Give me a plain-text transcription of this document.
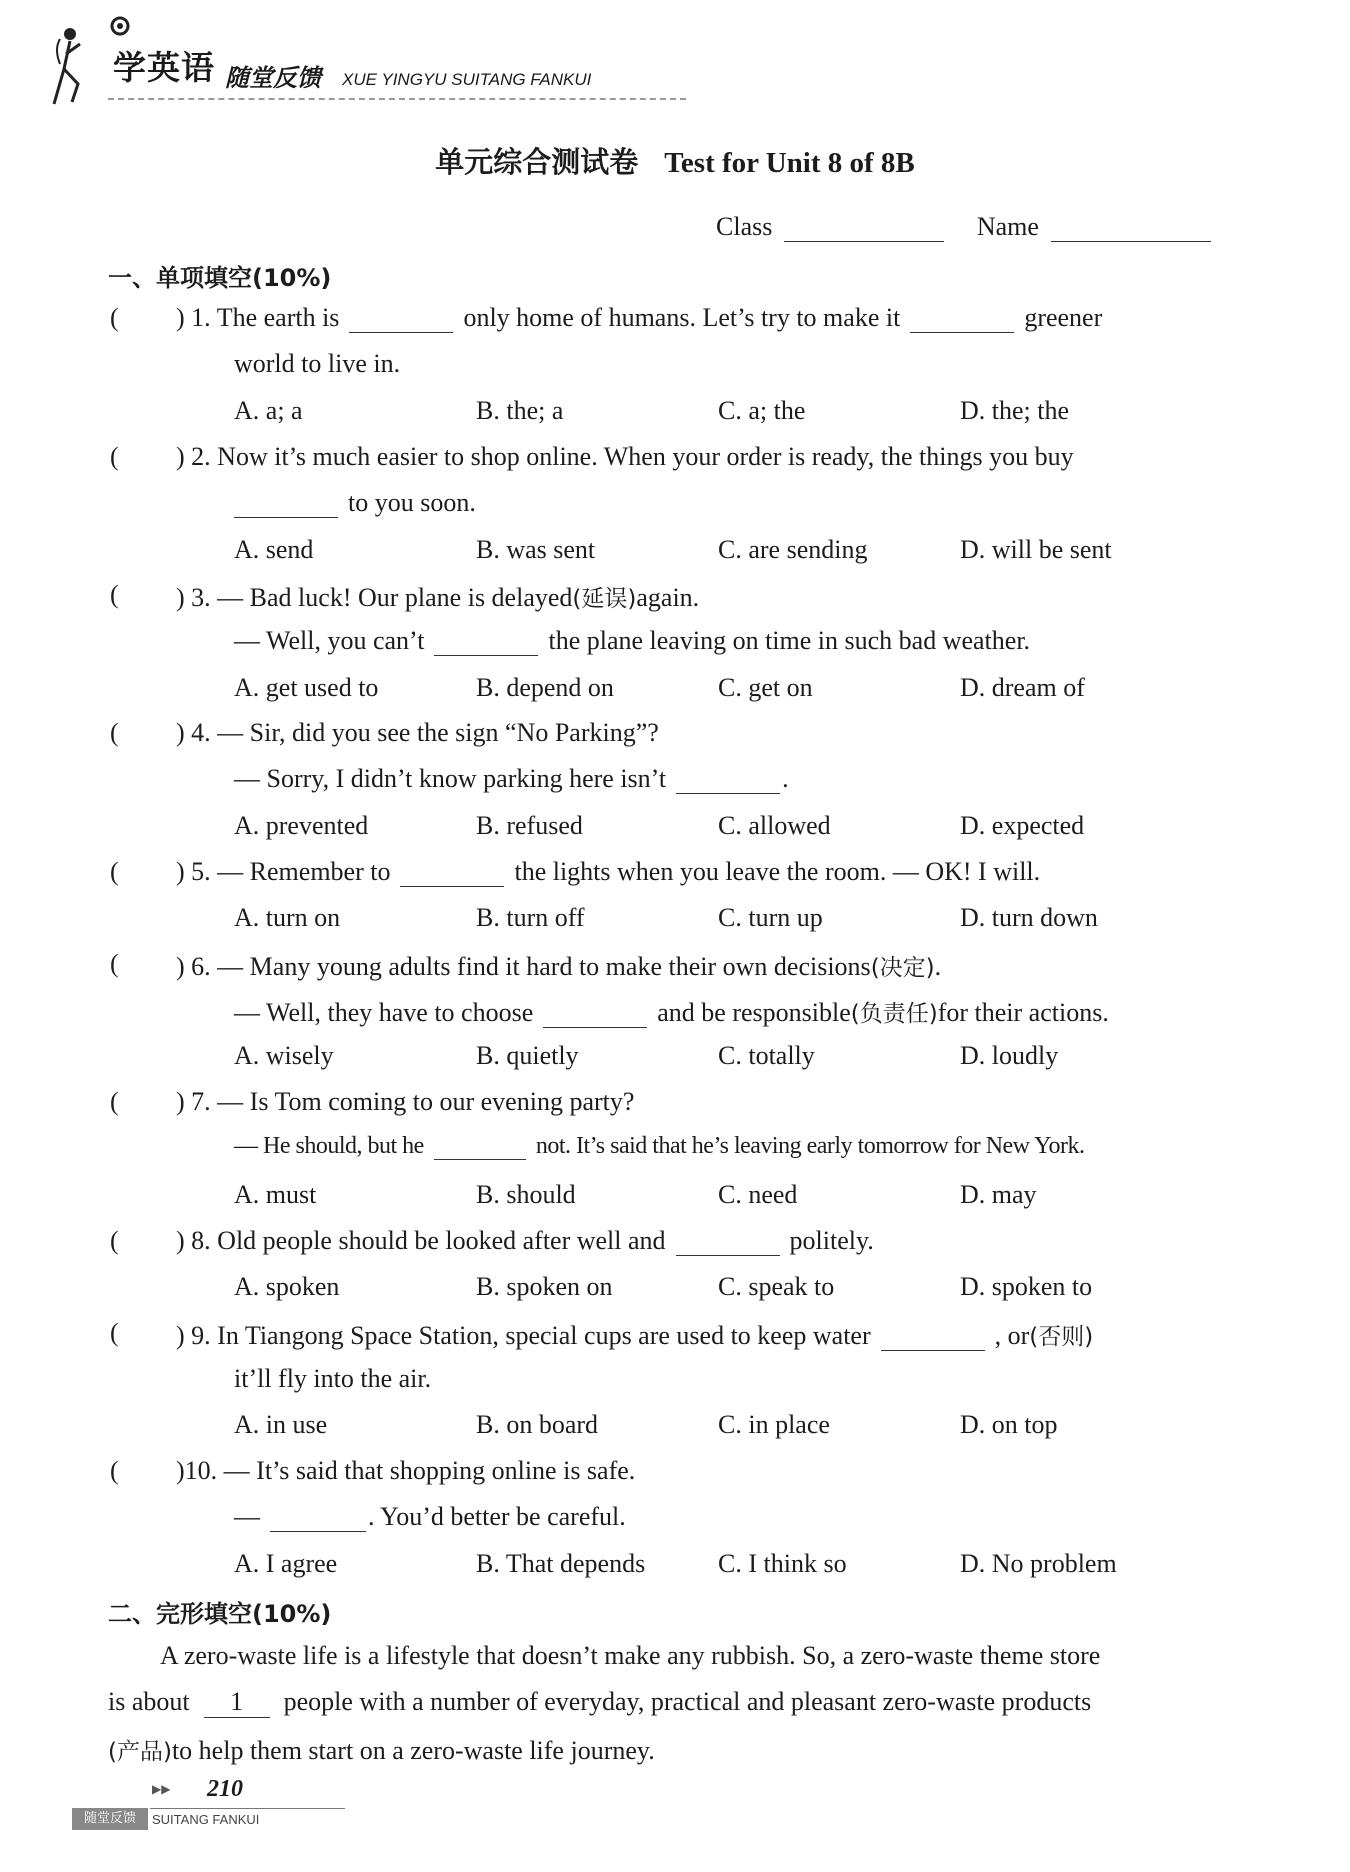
学英语 随堂反馈 XUE YINGYU SUITANG FANKUI
单元综合测试卷 Test for Unit 8 of 8B
Class	Name
一、单项填空(10%)
( ) 1. The earth is	only home of humans. Let’s try to make it	greener
world to live in.
A. a; a	B. the; a	C. a; the	D. the; the
( ) 2. Now it’s much easier to shop online. When your order is ready, the things you buy
to you soon.
A. send	B. was sent	C. are sending	D. will be sent
( ) 3. — Bad luck! Our plane is delayed(延误)again.
— Well, you can’t	the plane leaving on time in such bad weather.
A. get used to	B. depend on	C. get on	D. dream of
( ) 4. — Sir, did you see the sign “No Parking”?
— Sorry, I didn’t know parking here isn’t	.
A. prevented	B. refused	C. allowed	D. expected
( ) 5. — Remember to	the lights when you leave the room. — OK! I will.
A. turn on	B. turn off	C. turn up	D. turn down
( ) 6. — Many young adults find it hard to make their own decisions(决定).
— Well, they have to choose	and be responsible(负责任)for their actions.
A. wisely	B. quietly	C. totally	D. loudly
( ) 7. — Is Tom coming to our evening party?
— He should, but he	not. It’s said that he’s leaving early tomorrow for New York.
A. must	B. should	C. need	D. may
( ) 8. Old people should be looked after well and	politely.
A. spoken	B. spoken on	C. speak to	D. spoken to
( ) 9. In Tiangong Space Station, special cups are used to keep water	, or(否则)
it’ll fly into the air.
A. in use	B. on board	C. in place	D. on top
( )10. — It’s said that shopping online is safe.
—	. You’d better be careful.
A. I agree	B. That depends	C. I think so	D. No problem
二、完形填空(10%)
A zero-waste life is a lifestyle that doesn’t make any rubbish. So, a zero-waste theme store
is about 1 people with a number of everyday, practical and pleasant zero-waste products
(产品)to help them start on a zero-waste life journey.
▶▶ 210
随堂反馈	SUITANG FANKUI
